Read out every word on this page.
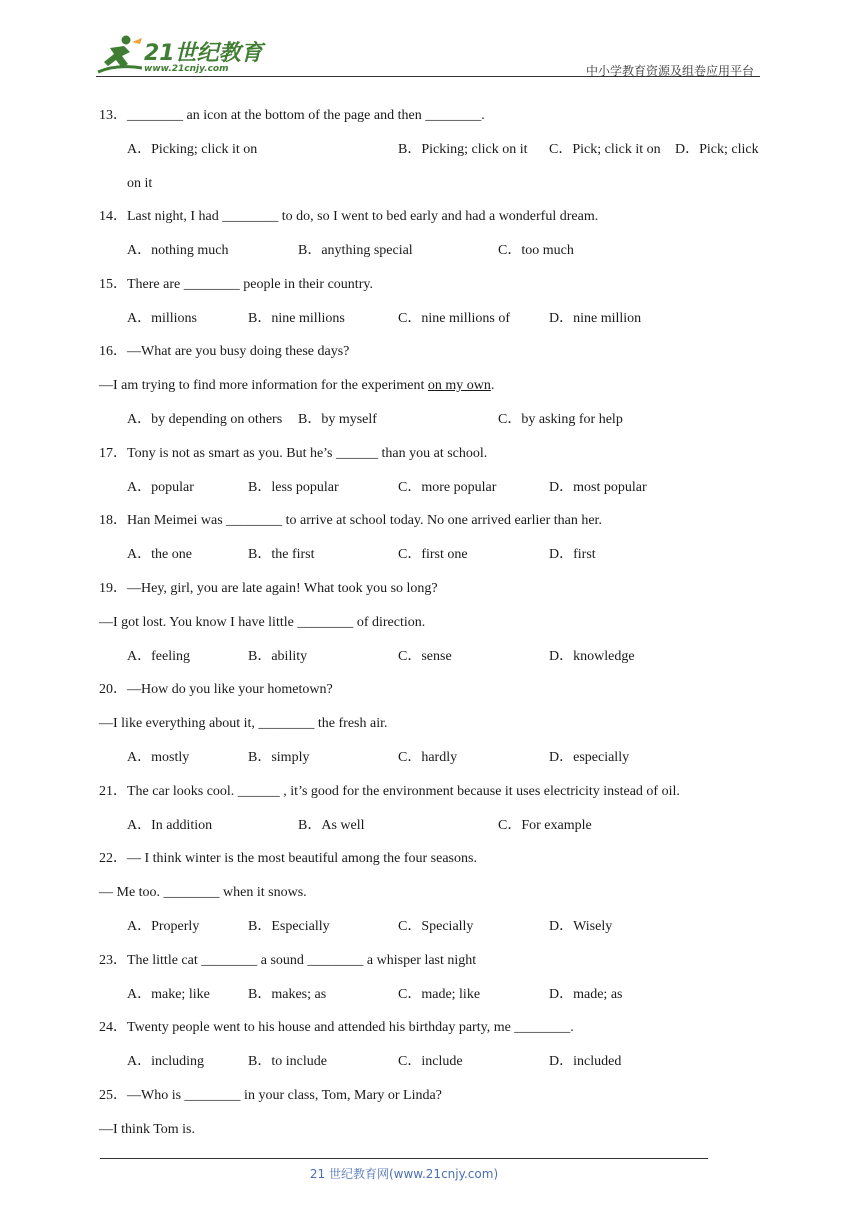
21世纪教育
www.21cnjy.com	中小学教育资源及组卷应用平台
13．________ an icon at the bottom of the page and then ________.
A．Picking; click it on	B．Picking; click on it C．Pick; click it on D．Pick; click
on it
14．Last night, I had ________ to do, so I went to bed early and had a wonderful dream.
A．nothing much	B．anything special	C．too much
15．There are ________ people in their country.
A．millions	B．nine millions	C．nine millions of	D．nine million
16．—What are you busy doing these days?
—I am trying to find more information for the experiment on my own.
A．by depending on others B．by myself	C．by asking for help
17．Tony is not as smart as you. But he’s ______ than you at school.
A．popular	B．less popular	C．more popular	D．most popular
18．Han Meimei was ________ to arrive at school today. No one arrived earlier than her.
A．the one	B．the first	C．first one	D．first
19．—Hey, girl, you are late again! What took you so long?
—I got lost. You know I have little ________ of direction.
A．feeling	B．ability	C．sense	D．knowledge
20．—How do you like your hometown?
—I like everything about it, ________ the fresh air.
A．mostly	B．simply	C．hardly	D．especially
21．The car looks cool. ______ , it’s good for the environment because it uses electricity instead of oil.
A．In addition	B．As well	C．For example
22．— I think winter is the most beautiful among the four seasons.
— Me too. ________ when it snows.
A．Properly	B．Especially	C．Specially	D．Wisely
23．The little cat ________ a sound ________ a whisper last night
A．make; like	B．makes; as	C．made; like	D．made; as
24．Twenty people went to his house and attended his birthday party, me ________.
A．including	B．to include	C．include	D．included
25．—Who is ________ in your class, Tom, Mary or Linda?
—I think Tom is.
21 世纪教育网(www.21cnjy.com)
